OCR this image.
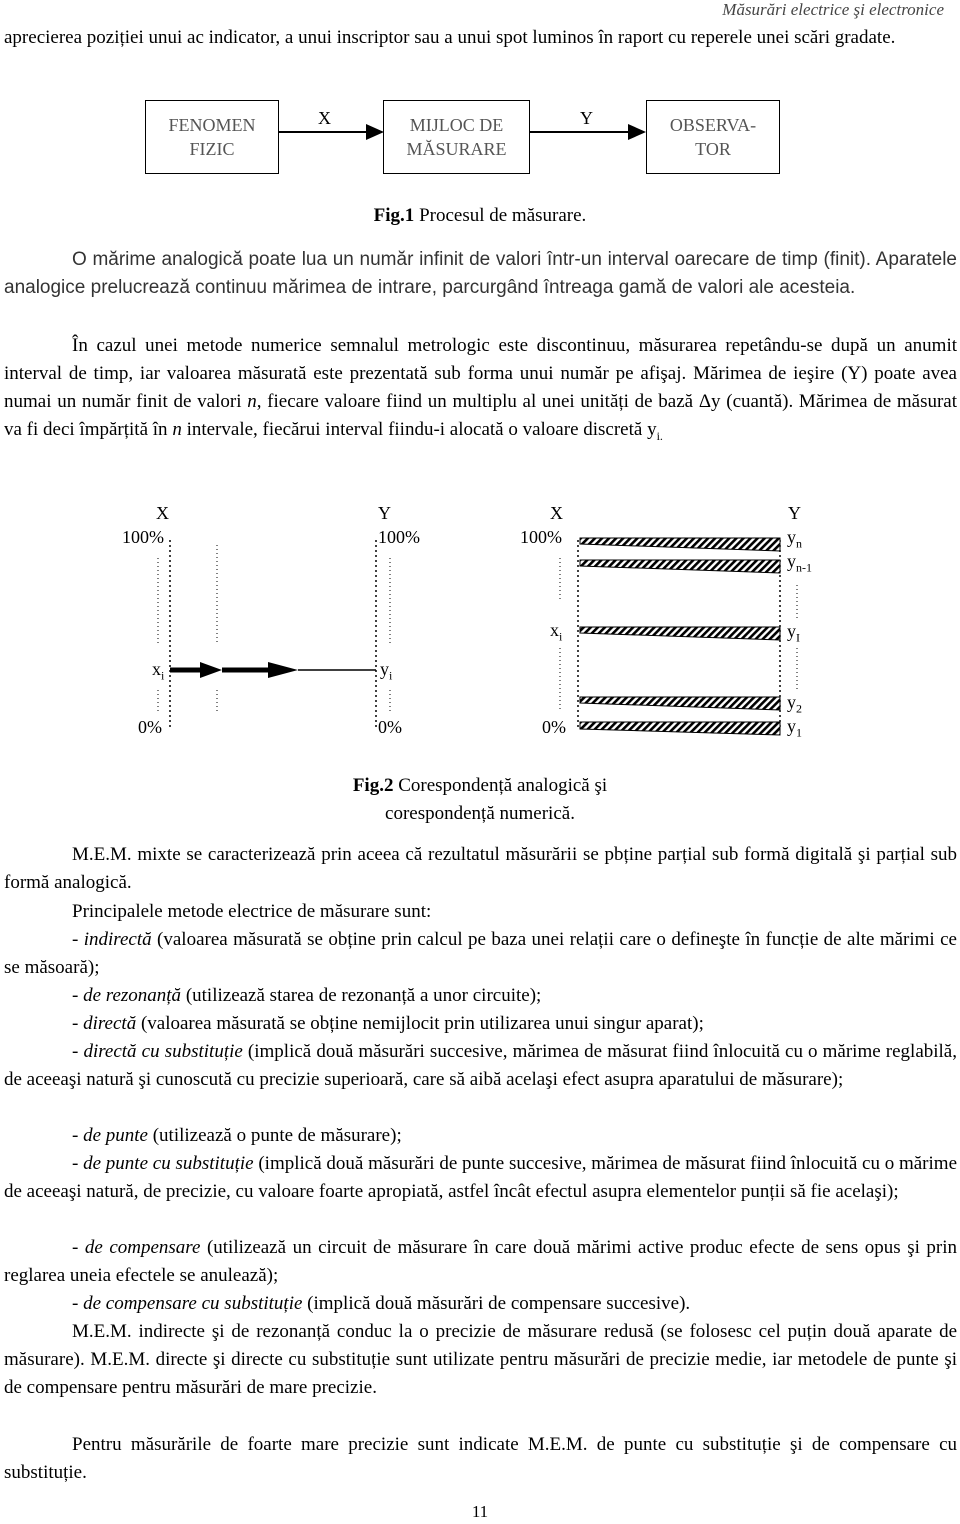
Măsurări electrice şi electronice
aprecierea poziției unui ac indicator, a unui inscriptor sau a unui spot luminos în raport cu reperele unei scări gradate.
FENOMEN
FIZIC
MIJLOC DE
MĂSURARE
OBSERVA-
TOR
X	Y
Fig.1 Procesul de măsurare.
O mărime analogică poate lua un număr infinit de valori într-un interval oarecare de timp (finit). Aparatele analogice prelucrează continuu mărimea de intrare, parcurgând întreaga gamă de valori ale acesteia.
În cazul unei metode numerice semnalul metrologic este discontinuu, măsurarea repetându-se după un anumit interval de timp, iar valoarea măsurată este prezentată sub forma unui număr pe afişaj. Mărimea de ieşire (Y) poate avea numai un număr finit de valori n, fiecare valoare fiind un multiplu al unei unități de bază Δy (cuantă). Mărimea de măsurat va fi deci împărțită în n intervale, fiecărui interval fiindu-i alocată o valoare discretă $y_{i.}$
X	Y
100%	100%
$x_i$	$y_i$
0%	0%
X	Y
100%
$x_i$
0%
$y_n$
$y_{n-1}$
$y_I$
$y_2$
$y_1$
Fig.2 Corespondență analogică şi
corespondență numerică.
M.E.M. mixte se caracterizează prin aceea că rezultatul măsurării se pbține parțial sub formă digitală şi parțial sub formă analogică.
Principalele metode electrice de măsurare sunt:
- indirectă (valoarea măsurată se obține prin calcul pe baza unei relații care o defineşte în funcție de alte mărimi ce se măsoară);
- de rezonanță (utilizează starea de rezonanță a unor circuite);
- directă (valoarea măsurată se obține nemijlocit prin utilizarea unui singur aparat);
- directă cu substituție (implică două măsurări succesive, mărimea de măsurat fiind înlocuită cu o mărime reglabilă, de aceeaşi natură şi cunoscută cu precizie superioară, care să aibă acelaşi efect asupra aparatului de măsurare);
- de punte (utilizează o punte de măsurare);
- de punte cu substituție (implică două măsurări de punte succesive, mărimea de măsurat fiind înlocuită cu o mărime de aceeaşi natură, de precizie, cu valoare foarte apropiată, astfel încât efectul asupra elementelor punții să fie acelaşi);
- de compensare (utilizează un circuit de măsurare în care două mărimi active produc efecte de sens opus şi prin reglarea uneia efectele se anulează);
- de compensare cu substituție (implică două măsurări de compensare succesive).
M.E.M. indirecte şi de rezonanță conduc la o precizie de măsurare redusă (se folosesc cel puțin două aparate de măsurare). M.E.M. directe şi directe cu substituție sunt utilizate pentru măsurări de precizie medie, iar metodele de punte şi de compensare pentru măsurări de mare precizie.
Pentru măsurările de foarte mare precizie sunt indicate M.E.M. de punte cu substituție şi de compensare cu substituție.
11
